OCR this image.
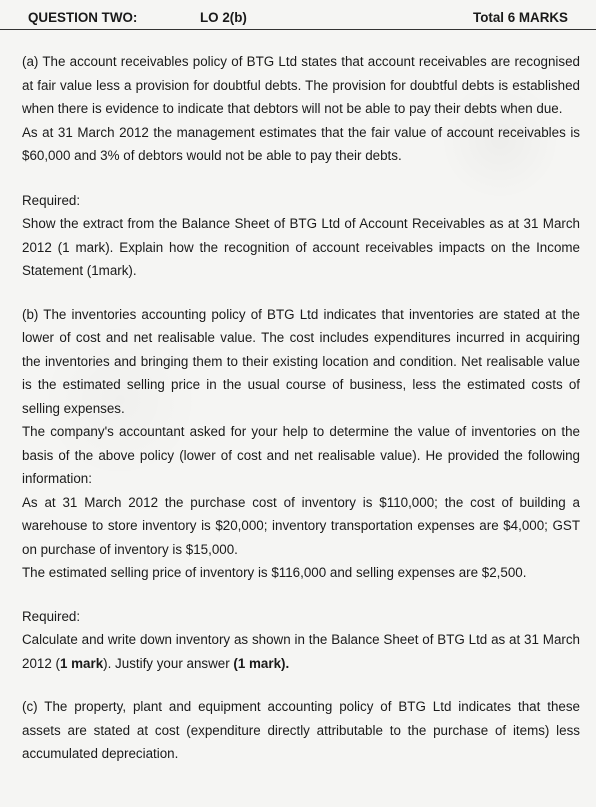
QUESTION TWO:	LO 2(b)	Total 6 MARKS

(a) The account receivables policy of BTG Ltd states that account receivables are recognised at fair value less a provision for doubtful debts. The provision for doubtful debts is established when there is evidence to indicate that debtors will not be able to pay their debts when due.

As at 31 March 2012 the management estimates that the fair value of account receivables is $60,000 and 3% of debtors would not be able to pay their debts.

Required:

Show the extract from the Balance Sheet of BTG Ltd of Account Receivables as at 31 March 2012 (1 mark). Explain how the recognition of account receivables impacts on the Income Statement (1mark).

(b) The inventories accounting policy of BTG Ltd indicates that inventories are stated at the lower of cost and net realisable value. The cost includes expenditures incurred in acquiring the inventories and bringing them to their existing location and condition. Net realisable value is the estimated selling price in the usual course of business, less the estimated costs of selling expenses.

The company's accountant asked for your help to determine the value of inventories on the basis of the above policy (lower of cost and net realisable value). He provided the following information:

As at 31 March 2012 the purchase cost of inventory is $110,000; the cost of building a warehouse to store inventory is $20,000; inventory transportation expenses are $4,000; GST on purchase of inventory is $15,000.

The estimated selling price of inventory is $116,000 and selling expenses are $2,500.

Required:

Calculate and write down inventory as shown in the Balance Sheet of BTG Ltd as at 31 March 2012 (1 mark). Justify your answer (1 mark).

(c) The property, plant and equipment accounting policy of BTG Ltd indicates that these assets are stated at cost (expenditure directly attributable to the purchase of items) less accumulated depreciation.
